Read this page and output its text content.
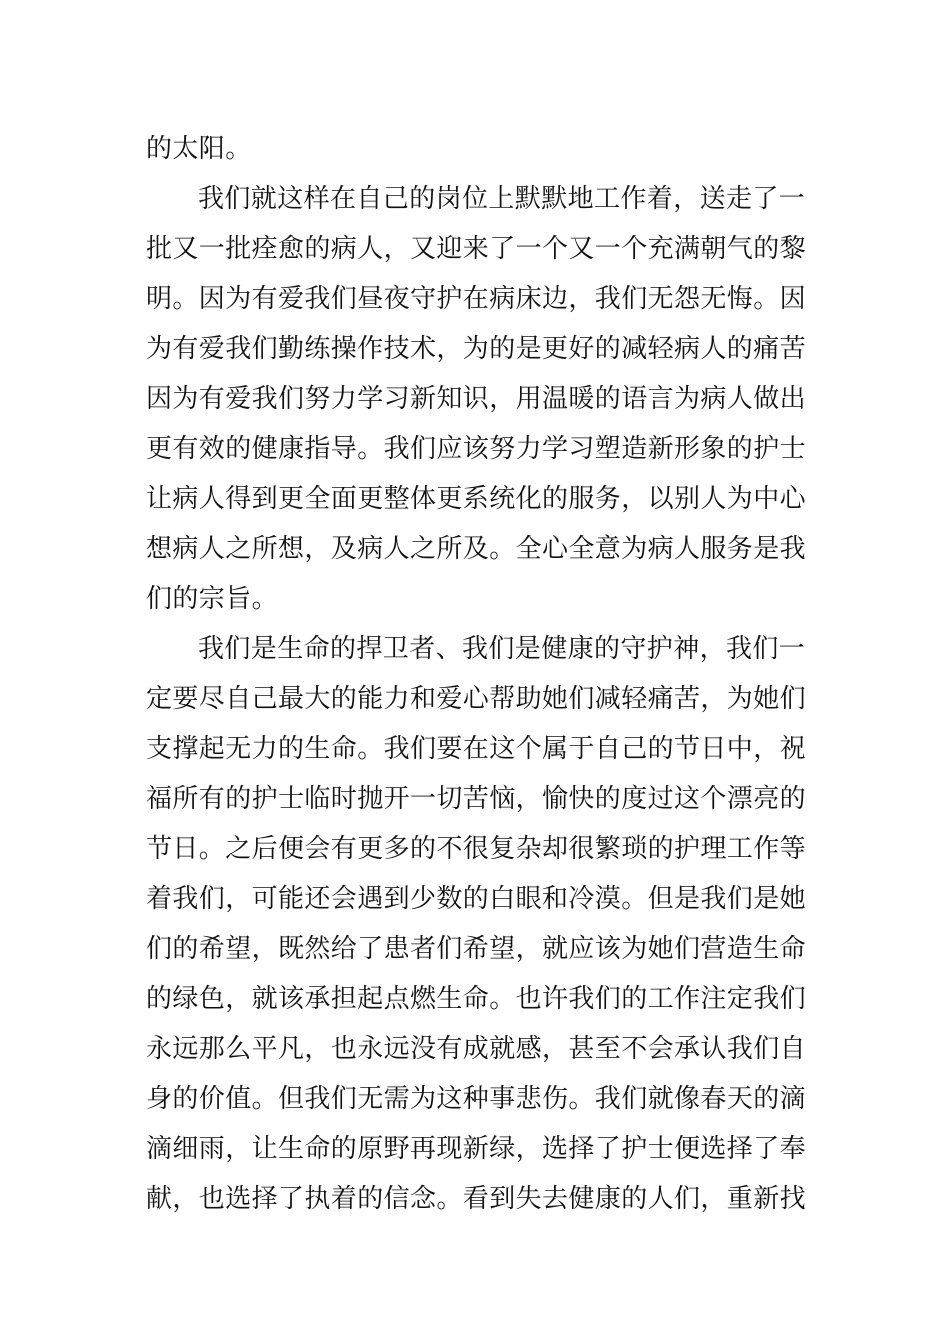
的太阳。
我们就这样在自己的岗位上默默地工作着，送走了一
批又一批痊愈的病人，又迎来了一个又一个充满朝气的黎
明。因为有爱我们昼夜守护在病床边，我们无怨无悔。因
为有爱我们勤练操作技术，为的是更好的减轻病人的痛苦
因为有爱我们努力学习新知识，用温暖的语言为病人做出
更有效的健康指导。我们应该努力学习塑造新形象的护士
让病人得到更全面更整体更系统化的服务，以别人为中心
想病人之所想，及病人之所及。全心全意为病人服务是我
们的宗旨。
我们是生命的捍卫者、我们是健康的守护神，我们一
定要尽自己最大的能力和爱心帮助她们减轻痛苦，为她们
支撑起无力的生命。我们要在这个属于自己的节日中，祝
福所有的护士临时抛开一切苦恼，愉快的度过这个漂亮的
节日。之后便会有更多的不很复杂却很繁琐的护理工作等
着我们，可能还会遇到少数的白眼和冷漠。但是我们是她
们的希望，既然给了患者们希望，就应该为她们营造生命
的绿色，就该承担起点燃生命。也许我们的工作注定我们
永远那么平凡，也永远没有成就感，甚至不会承认我们自
身的价值。但我们无需为这种事悲伤。我们就像春天的滴
滴细雨，让生命的原野再现新绿，选择了护士便选择了奉
献，也选择了执着的信念。看到失去健康的人们，重新找
